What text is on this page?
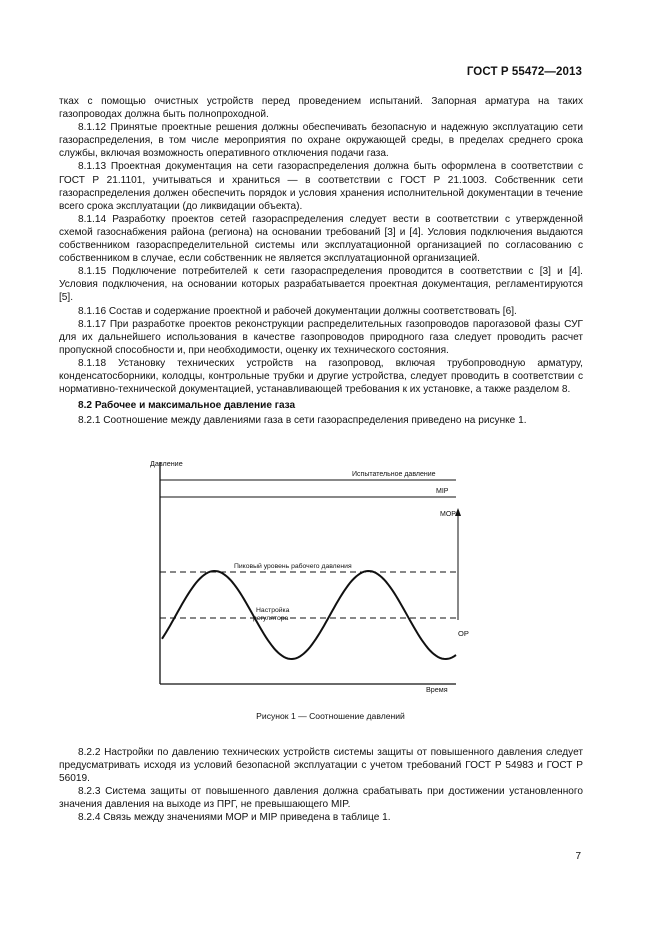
ГОСТ Р 55472—2013

тках с помощью очистных устройств перед проведением испытаний. Запорная арматура на таких газопроводах должна быть полнопроходной.

8.1.12 Принятые проектные решения должны обеспечивать безопасную и надежную эксплуатацию сети газораспределения, в том числе мероприятия по охране окружающей среды, в пределах среднего срока службы, включая возможность оперативного отключения подачи газа.

8.1.13 Проектная документация на сети газораспределения должна быть оформлена в соответствии с ГОСТ Р 21.1101, учитываться и храниться — в соответствии с ГОСТ Р 21.1003. Собственник сети газораспределения должен обеспечить порядок и условия хранения исполнительной документации в течение всего срока эксплуатации (до ликвидации объекта).

8.1.14 Разработку проектов сетей газораспределения следует вести в соответствии с утвержденной схемой газоснабжения района (региона) на основании требований [3] и [4]. Условия подключения выдаются собственником газораспределительной системы или эксплуатационной организацией по согласованию с собственником в случае, если собственник не является эксплуатационной организацией.

8.1.15 Подключение потребителей к сети газораспределения проводится в соответствии с [3] и [4]. Условия подключения, на основании которых разрабатывается проектная документация, регламентируются [5].

8.1.16 Состав и содержание проектной и рабочей документации должны соответствовать [6].

8.1.17 При разработке проектов реконструкции распределительных газопроводов парогазовой фазы СУГ для их дальнейшего использования в качестве газопроводов природного газа следует проводить расчет пропускной способности и, при необходимости, оценку их технического состояния.

8.1.18 Установку технических устройств на газопровод, включая трубопроводную арматуру, конденсатосборники, колодцы, контрольные трубки и другие устройства, следует проводить в соответствии с нормативно-технической документацией, устанавливающей требования к их установке, а также разделом 8.

8.2 Рабочее и максимальное давление газа

8.2.1 Соотношение между давлениями газа в сети газораспределения приведено на рисунке 1.

Давление
Время
Испытательное давление
MIP
MOP
Пиковый уровень рабочего давления
Настройка
регулятора
OP
Рисунок 1 — Соотношение давлений

8.2.2 Настройки по давлению технических устройств системы защиты от повышенного давления следует предусматривать исходя из условий безопасной эксплуатации с учетом требований ГОСТ Р 54983 и ГОСТ Р 56019.

8.2.3 Система защиты от повышенного давления должна срабатывать при достижении установленного значения давления на выходе из ПРГ, не превышающего MIP.

8.2.4 Связь между значениями MOP и MIP приведена в таблице 1.

7
